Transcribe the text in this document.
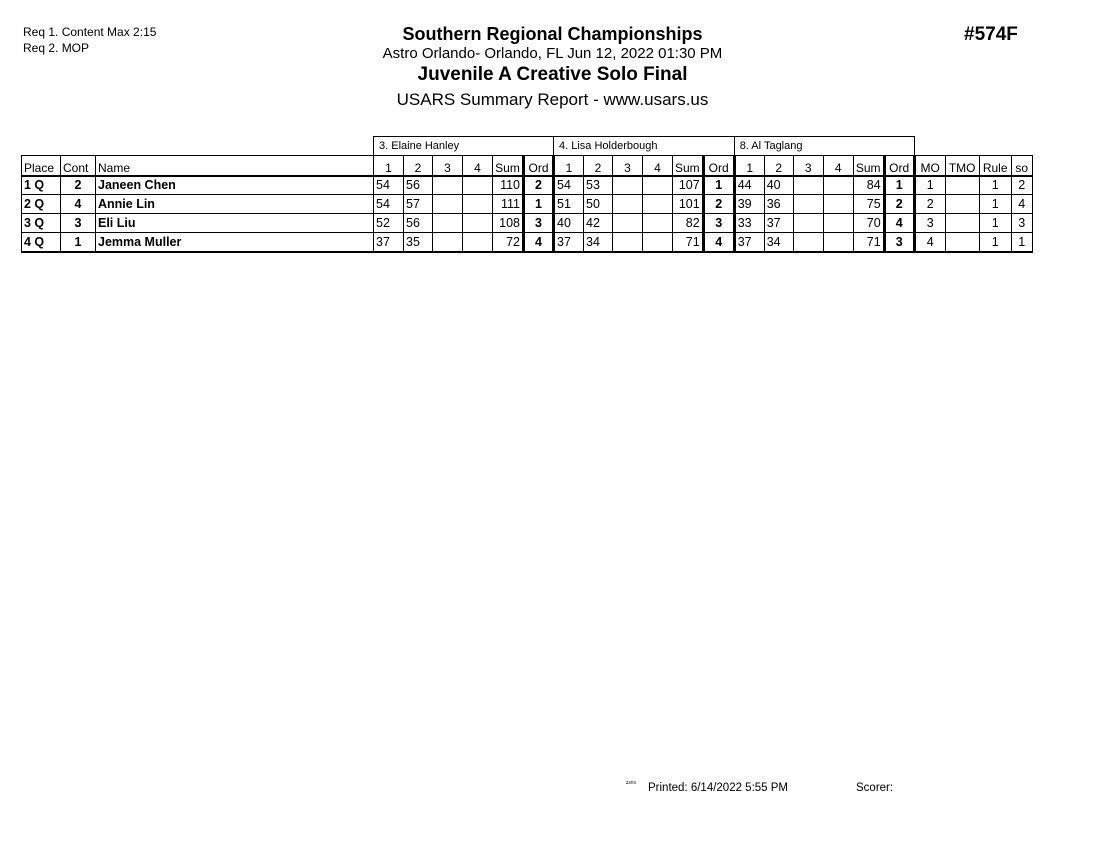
Req 1. Content Max 2:15
Req 2. MOP
Southern Regional Championships
Astro Orlando- Orlando, FL Jun 12, 2022 01:30 PM
Juvenile A Creative Solo Final
USARS Summary Report - www.usars.us
#574F
			3. Elaine Hanley						4. Lisa Holderbough						8. Al Taglang									
Place	Cont	Name	1	2	3	4	Sum	Ord	1	2	3	4	Sum	Ord	1	2	3	4	Sum	Ord	MO	TMO	Rule	so
1 Q	2	Janeen Chen	54	56			110	2	54	53			107	1	44	40			84	1	1		1	2
2 Q	4	Annie Lin	54	57			111	1	51	50			101	2	39	36			75	2	2		1	4
3 Q	3	Eli Liu	52	56			108	3	40	42			82	3	33	37			70	4	3		1	3
4 Q	1	Jemma Muller	37	35			72	4	37	34			71	4	37	34			71	3	4		1	1
²³⁰³ Printed: 6/14/2022 5:55 PM	Scorer:
